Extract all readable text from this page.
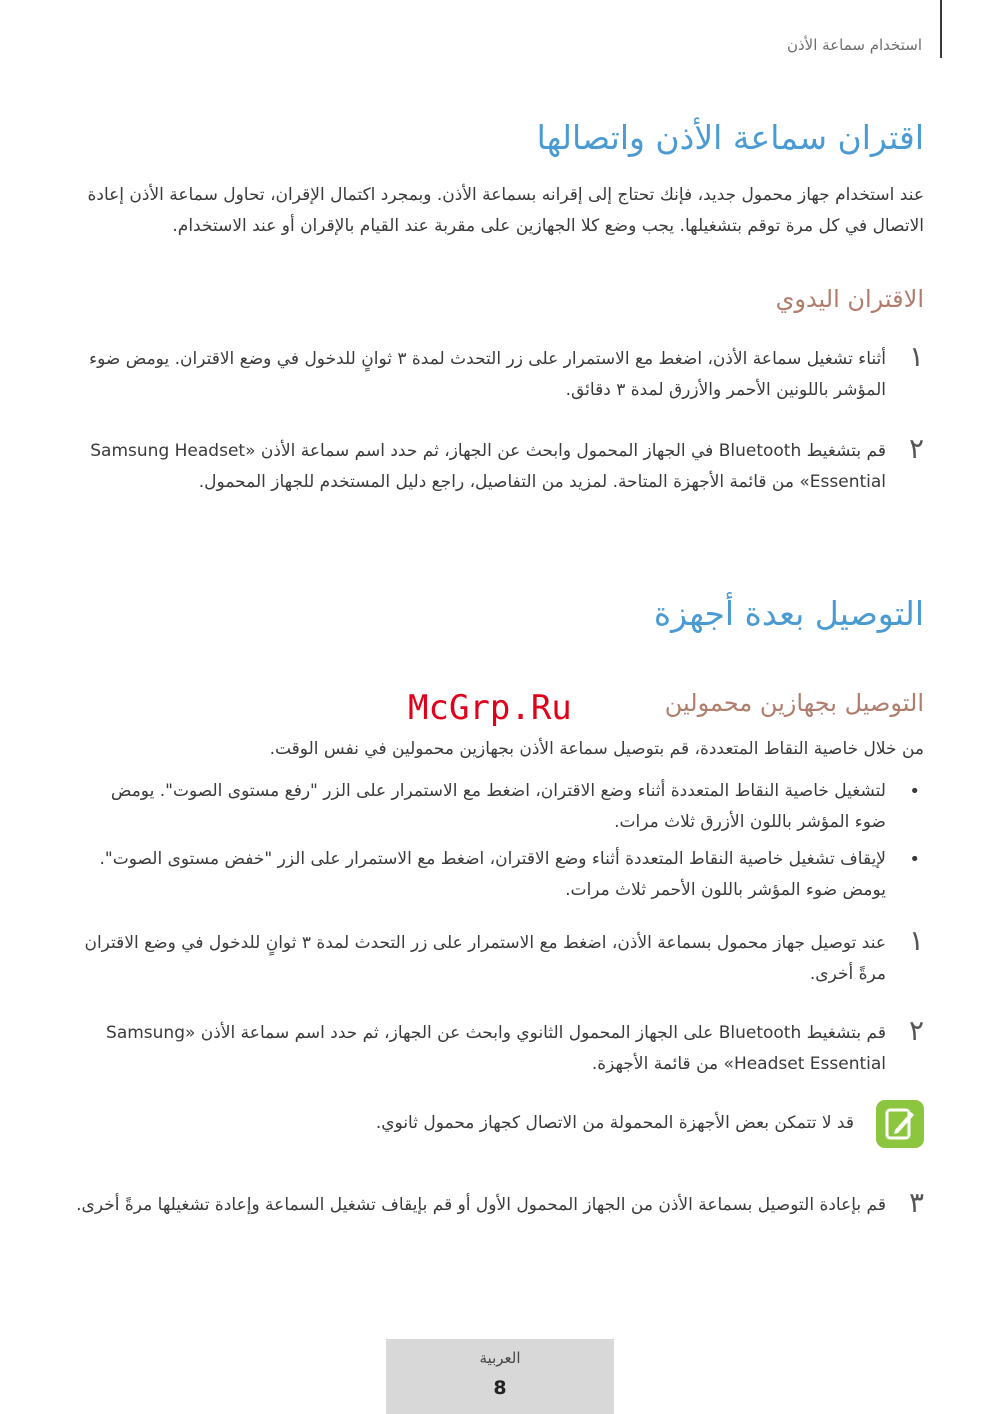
استخدام سماعة الأذن
اقتران سماعة الأذن واتصالها
عند استخدام جهاز محمول جديد، فإنك تحتاج إلى إقرانه بسماعة الأذن. وبمجرد اكتمال الإقران، تحاول سماعة الأذن إعادة الاتصال في كل مرة توقم بتشغيلها. يجب وضع كلا الجهازين على مقربة عند القيام بالإقران أو عند الاستخدام.
الاقتران اليدوي
١
أثناء تشغيل سماعة الأذن، اضغط مع الاستمرار على زر التحدث لمدة ٣ ثوانٍ للدخول في وضع الاقتران. يومض ضوء المؤشر باللونين الأحمر والأزرق لمدة ٣ دقائق.
٢
قم بتشغيط Bluetooth في الجهاز المحمول وابحث عن الجهاز، ثم حدد اسم سماعة الأذن «Samsung Headset Essential» من قائمة الأجهزة المتاحة. لمزيد من التفاصيل، راجع دليل المستخدم للجهاز المحمول.
التوصيل بعدة أجهزة
McGrp.Ru	التوصيل بجهازين محمولين
من خلال خاصية النقاط المتعددة، قم بتوصيل سماعة الأذن بجهازين محمولين في نفس الوقت.
•
لتشغيل خاصية النقاط المتعددة أثناء وضع الاقتران، اضغط مع الاستمرار على الزر "رفع مستوى الصوت". يومض ضوء المؤشر باللون الأزرق ثلاث مرات.
•
لإيقاف تشغيل خاصية النقاط المتعددة أثناء وضع الاقتران، اضغط مع الاستمرار على الزر "خفض مستوى الصوت". يومض ضوء المؤشر باللون الأحمر ثلاث مرات.
١
عند توصيل جهاز محمول بسماعة الأذن، اضغط مع الاستمرار على زر التحدث لمدة ٣ ثوانٍ للدخول في وضع الاقتران مرةً أخرى.
٢
قم بتشغيط Bluetooth على الجهاز المحمول الثانوي وابحث عن الجهاز، ثم حدد اسم سماعة الأذن «Samsung Headset Essential» من قائمة الأجهزة.
قد لا تتمكن بعض الأجهزة المحمولة من الاتصال كجهاز محمول ثانوي.
٣
قم بإعادة التوصيل بسماعة الأذن من الجهاز المحمول الأول أو قم بإيقاف تشغيل السماعة وإعادة تشغيلها مرةً أخرى.
العربية
8
